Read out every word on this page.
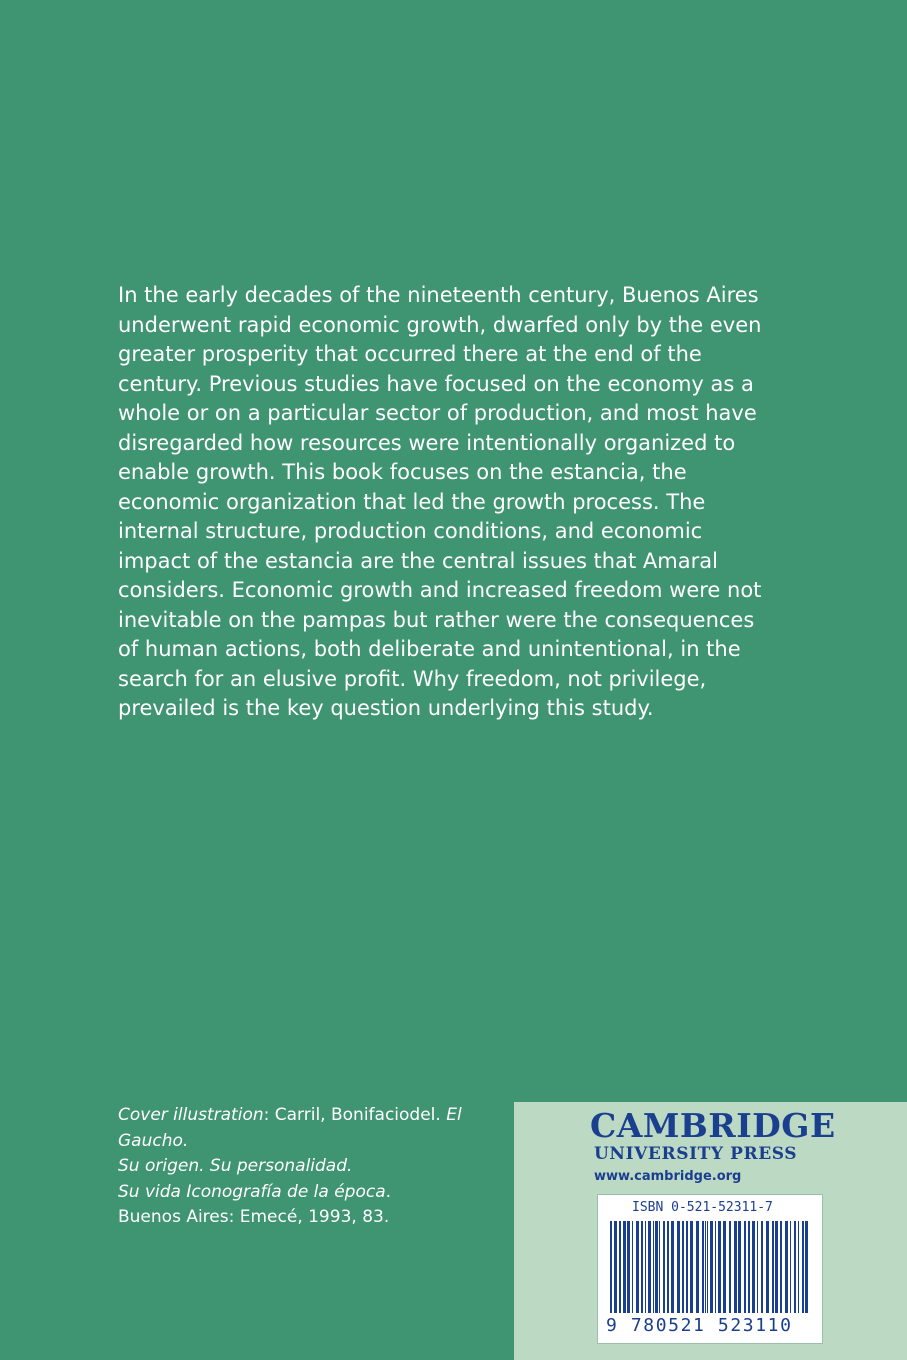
In the early decades of the nineteenth century, Buenos Aires underwent rapid economic growth, dwarfed only by the even greater prosperity that occurred there at the end of the century. Previous studies have focused on the economy as a whole or on a particular sector of production, and most have disregarded how resources were intentionally organized to enable growth. This book focuses on the estancia, the economic organization that led the growth process. The internal structure, production conditions, and economic impact of the estancia are the central issues that Amaral considers. Economic growth and increased freedom were not inevitable on the pampas but rather were the consequences of human actions, both deliberate and unintentional, in the search for an elusive profit. Why freedom, not privilege, prevailed is the key question underlying this study.

Cover illustration: Carril, Bonifaciodel. El Gaucho.
Su origen. Su personalidad.
Su vida Iconografía de la época.
Buenos Aires: Emecé, 1993, 83.

CAMBRIDGE
UNIVERSITY PRESS
www.cambridge.org
ISBN 0-521-52311-7
9 780521 523110
